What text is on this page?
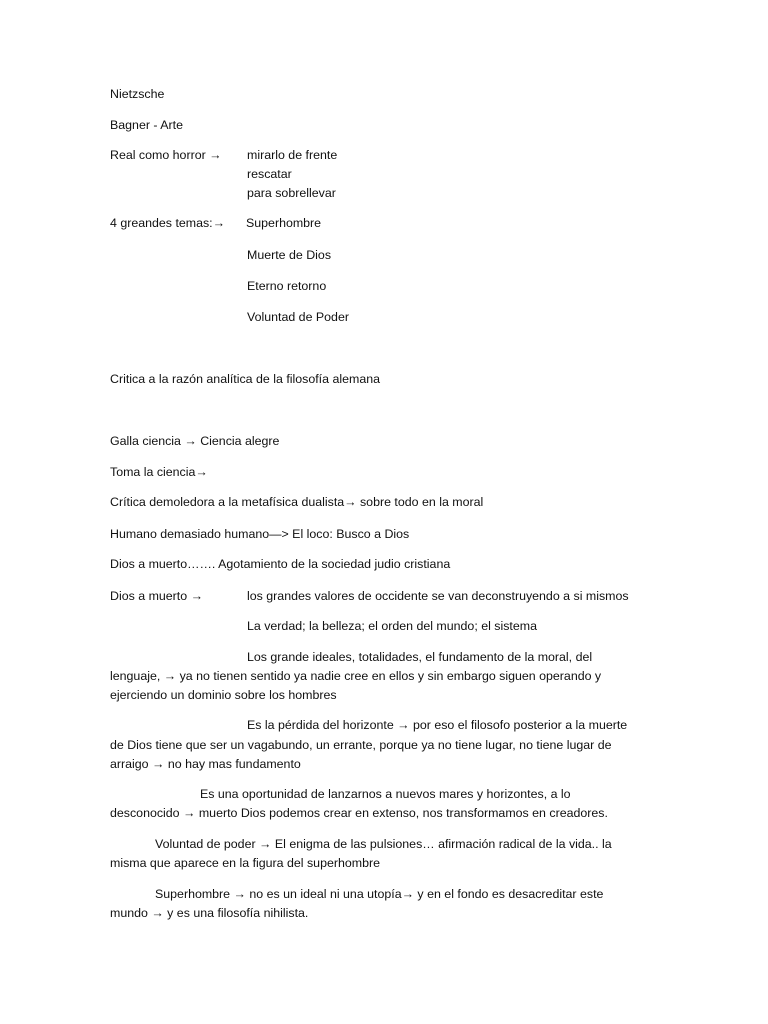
Nietzsche
Bagner - Arte
Real como horror → mirarlo de frente
rescatar
para sobrellevar
4 greandes temas:→ Superhombre
Muerte de Dios
Eterno retorno
Voluntad de Poder
Critica a la razón analítica de la filosofía alemana
Galla ciencia → Ciencia alegre
Toma la ciencia→
Crítica demoledora a la metafísica dualista→ sobre todo en la moral
Humano demasiado humano—> El loco: Busco a Dios
Dios a muerto……. Agotamiento de la sociedad judio cristiana
Dios a muerto →	los grandes valores de occidente se van deconstruyendo a si mismos
La verdad; la belleza; el orden del mundo; el sistema
Los grande ideales, totalidades, el fundamento de la moral, del
lenguaje, → ya no tienen sentido ya nadie cree en ellos y sin embargo siguen operando y
ejerciendo un dominio sobre los hombres
Es la pérdida del horizonte → por eso el filosofo posterior a la muerte
de Dios tiene que ser un vagabundo, un errante, porque ya no tiene lugar, no tiene lugar de
arraigo → no hay mas fundamento
Es una oportunidad de lanzarnos a nuevos mares y horizontes, a lo
desconocido → muerto Dios podemos crear en extenso, nos transformamos en creadores.
Voluntad de poder → El enigma de las pulsiones… afirmación radical de la vida.. la
misma que aparece en la figura del superhombre
Superhombre → no es un ideal ni una utopía→ y en el fondo es desacreditar este
mundo → y es una filosofía nihilista.
